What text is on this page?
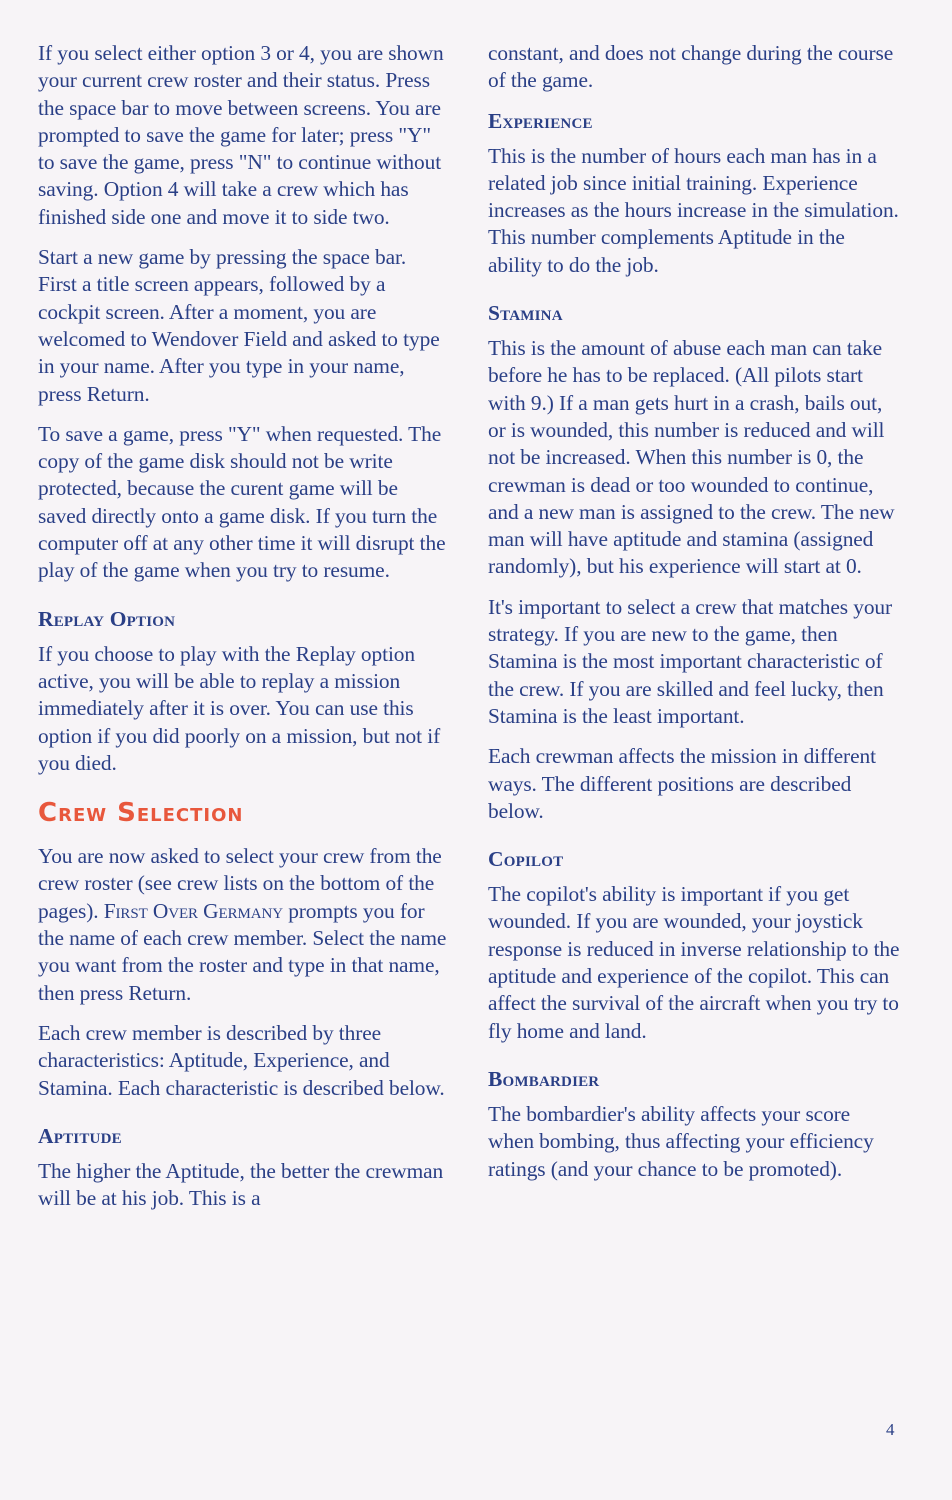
If you select either option 3 or 4, you are shown your current crew roster and their status. Press the space bar to move between screens. You are prompted to save the game for later; press "Y" to save the game, press "N" to continue without saving. Option 4 will take a crew which has finished side one and move it to side two.

Start a new game by pressing the space bar. First a title screen appears, followed by a cockpit screen. After a moment, you are welcomed to Wendover Field and asked to type in your name. After you type in your name, press Return.

To save a game, press "Y" when requested. The copy of the game disk should not be write protected, because the curent game will be saved directly onto a game disk. If you turn the computer off at any other time it will disrupt the play of the game when you try to resume.

Replay Option

If you choose to play with the Replay option active, you will be able to replay a mission immediately after it is over. You can use this option if you did poorly on a mission, but not if you died.

Crew Selection

You are now asked to select your crew from the crew roster (see crew lists on the bottom of the pages). First Over Germany prompts you for the name of each crew member. Select the name you want from the roster and type in that name, then press Return.

Each crew member is described by three characteristics: Aptitude, Experience, and Stamina. Each characteristic is described below.

Aptitude

The higher the Aptitude, the better the crewman will be at his job. This is a

constant, and does not change during the course of the game.

Experience

This is the number of hours each man has in a related job since initial training. Experience increases as the hours increase in the simulation. This number complements Aptitude in the ability to do the job.

Stamina

This is the amount of abuse each man can take before he has to be replaced. (All pilots start with 9.) If a man gets hurt in a crash, bails out, or is wounded, this number is reduced and will not be increased. When this number is 0, the crewman is dead or too wounded to continue, and a new man is assigned to the crew. The new man will have aptitude and stamina (assigned randomly), but his experience will start at 0.

It's important to select a crew that matches your strategy. If you are new to the game, then Stamina is the most important characteristic of the crew. If you are skilled and feel lucky, then Stamina is the least important.

Each crewman affects the mission in different ways. The different positions are described below.

Copilot

The copilot's ability is important if you get wounded. If you are wounded, your joystick response is reduced in inverse relationship to the aptitude and experience of the copilot. This can affect the survival of the aircraft when you try to fly home and land.

Bombardier

The bombardier's ability affects your score when bombing, thus affecting your efficiency ratings (and your chance to be promoted).

4
